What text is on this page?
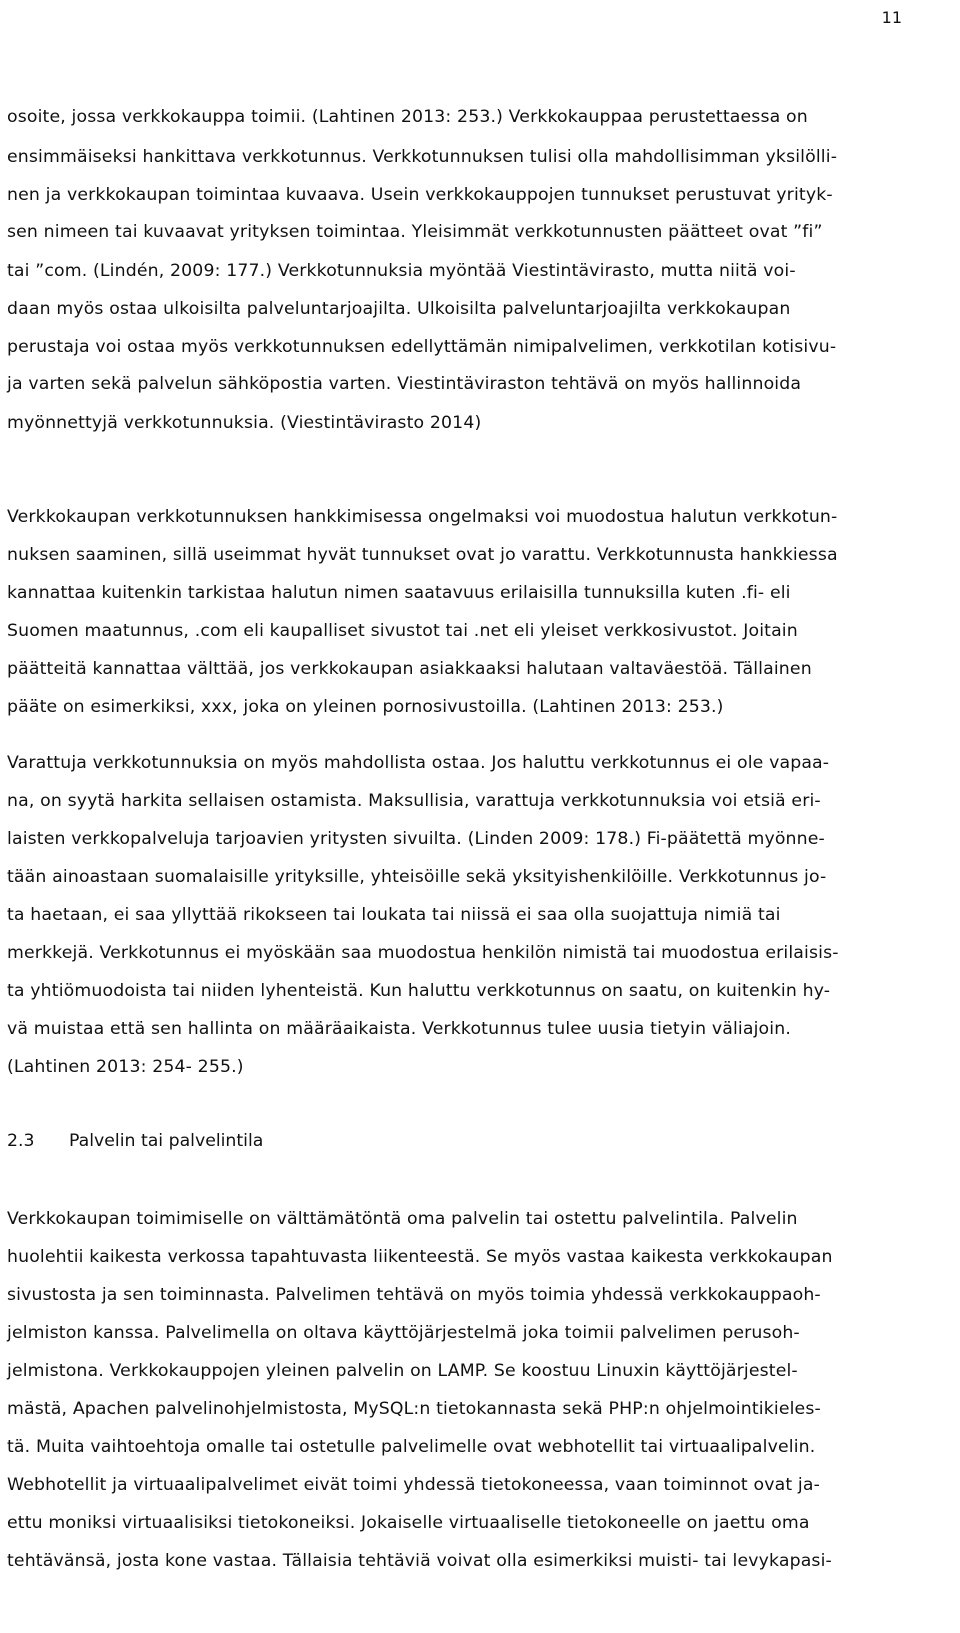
11
osoite, jossa verkkokauppa toimii. (Lahtinen 2013: 253.) Verkkokauppaa perustettaessa on
ensimmäiseksi hankittava verkkotunnus. Verkkotunnuksen tulisi olla mahdollisimman yksilölli-
nen ja verkkokaupan toimintaa kuvaava. Usein verkkokauppojen tunnukset perustuvat yrityk-
sen nimeen tai kuvaavat yrityksen toimintaa. Yleisimmät verkkotunnusten päätteet ovat ”fi”
tai ”com. (Lindén, 2009: 177.) Verkkotunnuksia myöntää Viestintävirasto, mutta niitä voi-
daan myös ostaa ulkoisilta palveluntarjoajilta. Ulkoisilta palveluntarjoajilta verkkokaupan
perustaja voi ostaa myös verkkotunnuksen edellyttämän nimipalvelimen, verkkotilan kotisivu-
ja varten sekä palvelun sähköpostia varten. Viestintäviraston tehtävä on myös hallinnoida
myönnettyjä verkkotunnuksia. (Viestintävirasto 2014)
Verkkokaupan verkkotunnuksen hankkimisessa ongelmaksi voi muodostua halutun verkkotun-
nuksen saaminen, sillä useimmat hyvät tunnukset ovat jo varattu. Verkkotunnusta hankkiessa
kannattaa kuitenkin tarkistaa halutun nimen saatavuus erilaisilla tunnuksilla kuten .fi- eli
Suomen maatunnus, .com eli kaupalliset sivustot tai .net eli yleiset verkkosivustot. Joitain
päätteitä kannattaa välttää, jos verkkokaupan asiakkaaksi halutaan valtaväestöä. Tällainen
pääte on esimerkiksi, xxx, joka on yleinen pornosivustoilla. (Lahtinen 2013: 253.)
Varattuja verkkotunnuksia on myös mahdollista ostaa. Jos haluttu verkkotunnus ei ole vapaa-
na, on syytä harkita sellaisen ostamista. Maksullisia, varattuja verkkotunnuksia voi etsiä eri-
laisten verkkopalveluja tarjoavien yritysten sivuilta. (Linden 2009: 178.) Fi-päätettä myönne-
tään ainoastaan suomalaisille yrityksille, yhteisöille sekä yksityishenkilöille. Verkkotunnus jo-
ta haetaan, ei saa yllyttää rikokseen tai loukata tai niissä ei saa olla suojattuja nimiä tai
merkkejä. Verkkotunnus ei myöskään saa muodostua henkilön nimistä tai muodostua erilaisis-
ta yhtiömuodoista tai niiden lyhenteistä. Kun haluttu verkkotunnus on saatu, on kuitenkin hy-
vä muistaa että sen hallinta on määräaikaista. Verkkotunnus tulee uusia tietyin väliajoin.
(Lahtinen 2013: 254- 255.)
2.3 Palvelin tai palvelintila
Verkkokaupan toimimiselle on välttämätöntä oma palvelin tai ostettu palvelintila. Palvelin
huolehtii kaikesta verkossa tapahtuvasta liikenteestä. Se myös vastaa kaikesta verkkokaupan
sivustosta ja sen toiminnasta. Palvelimen tehtävä on myös toimia yhdessä verkkokauppaoh-
jelmiston kanssa. Palvelimella on oltava käyttöjärjestelmä joka toimii palvelimen perusoh-
jelmistona. Verkkokauppojen yleinen palvelin on LAMP. Se koostuu Linuxin käyttöjärjestel-
mästä, Apachen palvelinohjelmistosta, MySQL:n tietokannasta sekä PHP:n ohjelmointikieles-
tä. Muita vaihtoehtoja omalle tai ostetulle palvelimelle ovat webhotellit tai virtuaalipalvelin.
Webhotellit ja virtuaalipalvelimet eivät toimi yhdessä tietokoneessa, vaan toiminnot ovat ja-
ettu moniksi virtuaalisiksi tietokoneiksi. Jokaiselle virtuaaliselle tietokoneelle on jaettu oma
tehtävänsä, josta kone vastaa. Tällaisia tehtäviä voivat olla esimerkiksi muisti- tai levykapasi-
